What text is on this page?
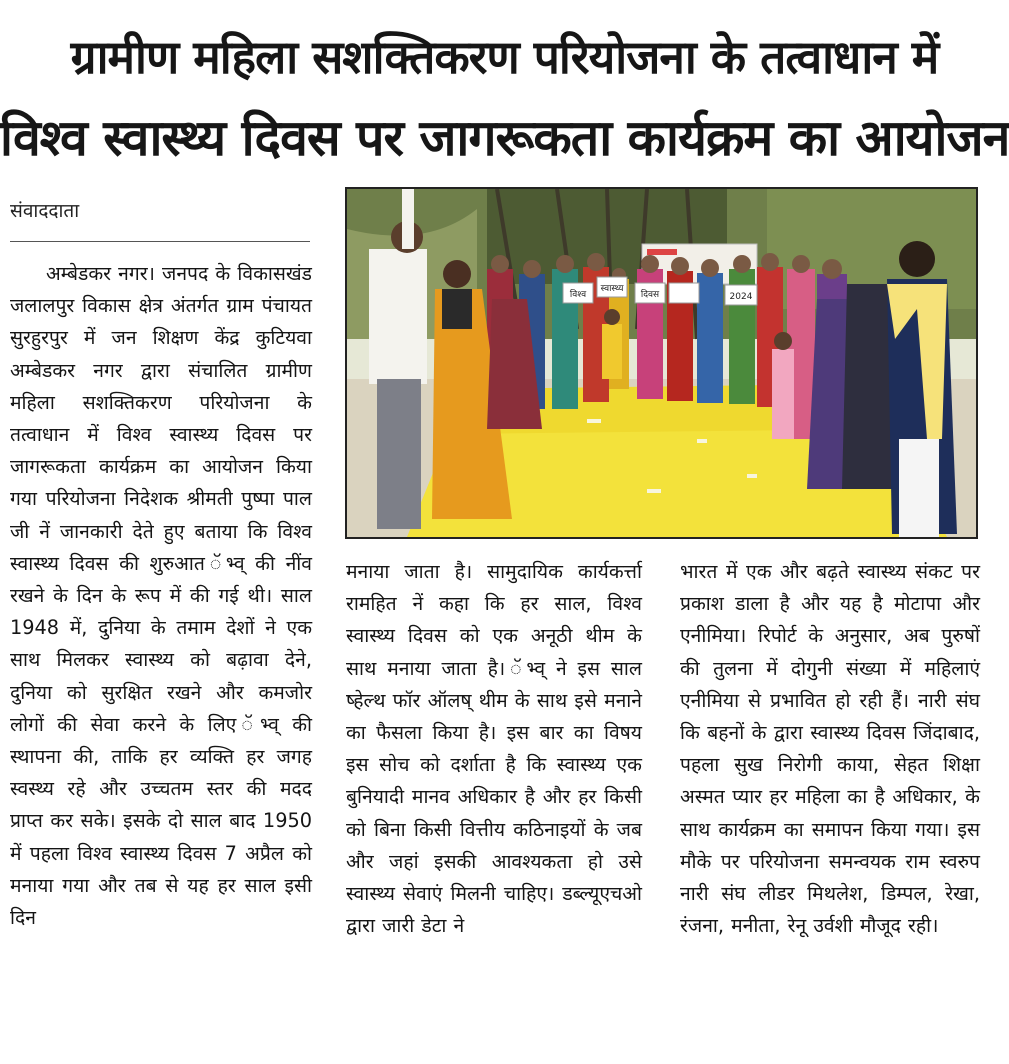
ग्रामीण महिला सशक्तिकरण परियोजना के तत्वाधान में
विश्व स्वास्थ्य दिवस पर जागरूकता कार्यक्रम का आयोजन
संवाददाता
अम्बेडकर नगर। जनपद के विकासखंड जलालपुर विकास क्षेत्र अंतर्गत ग्राम पंचायत सुरहुरपुर में जन शिक्षण केंद्र कुटियवा अम्बेडकर नगर द्वारा संचालित ग्रामीण महिला सशक्तिकरण परियोजना के तत्वाधान में विश्व स्वास्थ्य दिवस पर जागरूकता कार्यक्रम का आयोजन किया गया परियोजना निदेशक श्रीमती पुष्पा पाल जी नें जानकारी देते हुए बताया कि विश्व स्वास्थ्य दिवस की शुरुआत ॅभ्व् की नींव रखने के दिन के रूप में की गई थी। साल 1948 में, दुनिया के तमाम देशों ने एक साथ मिलकर स्वास्थ्य को बढ़ावा देने, दुनिया को सुरक्षित रखने और कमजोर लोगों की सेवा करने के लिए ॅभ्व् की स्थापना की, ताकि हर व्यक्ति हर जगह स्वस्थ्य रहे और उच्चतम स्तर की मदद प्राप्त कर सके। इसके दो साल बाद 1950 में पहला विश्व स्वास्थ्य दिवस 7 अप्रैल को मनाया गया और तब से यह हर साल इसी दिन
विश्व
स्वास्थ्य
दिवस	2024
मनाया जाता है। सामुदायिक कार्यकर्त्ता रामहित नें कहा कि हर साल, विश्व स्वास्थ्य दिवस को एक अनूठी थीम के साथ मनाया जाता है। ॅभ्व् ने इस साल ष्हेल्थ फॉर ऑलष् थीम के साथ इसे मनाने का फैसला किया है। इस बार का विषय इस सोच को दर्शाता है कि स्वास्थ्य एक बुनियादी मानव अधिकार है और हर किसी को बिना किसी वित्तीय कठिनाइयों के जब और जहां इसकी आवश्यकता हो उसे स्वास्थ्य सेवाएं मिलनी चाहिए। डब्ल्यूएचओ द्वारा जारी डेटा ने
भारत में एक और बढ़ते स्वास्थ्य संकट पर प्रकाश डाला है और यह है मोटापा और एनीमिया। रिपोर्ट के अनुसार, अब पुरुषों की तुलना में दोगुनी संख्या में महिलाएं एनीमिया से प्रभावित हो रही हैं। नारी संघ कि बहनों के द्वारा स्वास्थ्य दिवस जिंदाबाद, पहला सुख निरोगी काया, सेहत शिक्षा अस्मत प्यार हर महिला का है अधिकार, के साथ कार्यक्रम का समापन किया गया। इस मौके पर परियोजना समन्वयक राम स्वरुप नारी संघ लीडर मिथलेश, डिम्पल, रेखा, रंजना, मनीता, रेनू उर्वशी मौजूद रही।
